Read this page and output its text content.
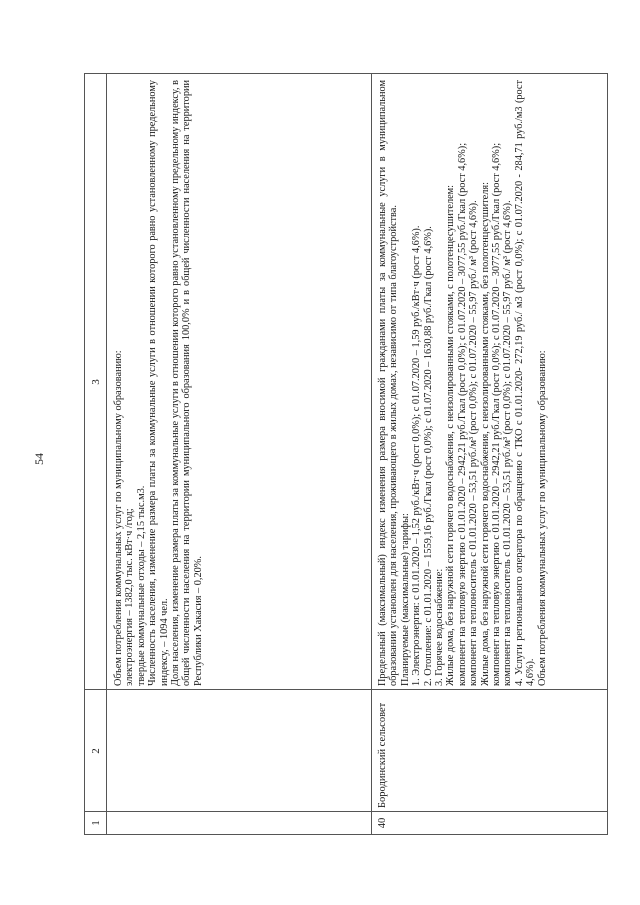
54
1
2
3	Объем потребления коммунальных услуг по муниципальному образованию: электроэнергия – 1382,0 тыс. кВт·ч /год; твердые коммунальные отходы – 2,15 тыс.м3. Численность населения, изменение размера платы за коммунальные услуги в отношении которого равно установленному предельному индексу, – 1094 чел. Доля населения, изменение размера платы за коммунальные услуги в отношении которого равно установленному предельному индексу, в общей численности населения на территории муниципального образования 100,0% и в общей численности населения на территории Республики Хакасия – 0,20%.

40
Бородинский сельсовет

Предельный (максимальный) индекс изменения размера вносимой гражданами платы за коммунальные услуги в муниципальном образовании установлен для населения, проживающего в жилых домах, независимо от типа благоустройства. Планируемые (максимальные) тарифы: 1. Электроэнергия: с 01.01.2020 – 1,52 руб./кВт·ч (рост 0,0%); с 01.07.2020 – 1,59 руб./кВт·ч (рост 4,6%). 2. Отопление: с 01.01.2020 – 1559,16 руб./Гкал (рост 0,0%); с 01.07.2020 – 1630,88 руб./Гкал (рост 4,6%). 3. Горячее водоснабжение: Жилые дома, без наружной сети горячего водоснабжения, с неизолированными стояками, с полотенцесушителем: компонент на тепловую энергию с 01.01.2020 – 2942,21 руб./Гкал (рост 0,0%); с 01.07.2020 – 3077,55 руб./Гкал (рост 4,6%); компонент на теплоноситель с 01.01.2020 – 53,51 руб./м³ (рост 0,0%); с 01.07.2020 – 55,97 руб./ м³ (рост 4,6%). Жилые дома, без наружной сети горячего водоснабжения, с неизолированными стояками, без полотенцесушителя: компонент на тепловую энергию с 01.01.2020 – 2942,21 руб./Гкал (рост 0,0%); с 01.07.2020 – 3077,55 руб./Гкал (рост 4,6%); компонент на теплоноситель с 01.01.2020 – 53,51 руб./м³ (рост 0,0%); с 01.07.2020 – 55,97 руб./ м³ (рост 4,6%). 4. Услуги регионального оператора по обращению с ТКО с 01.01.2020- 272,19 руб./ м3 (рост 0,0%); с 01.07.2020 - 284,71 руб./м3 (рост 4,6%). Объем потребления коммунальных услуг по муниципальному образованию:
